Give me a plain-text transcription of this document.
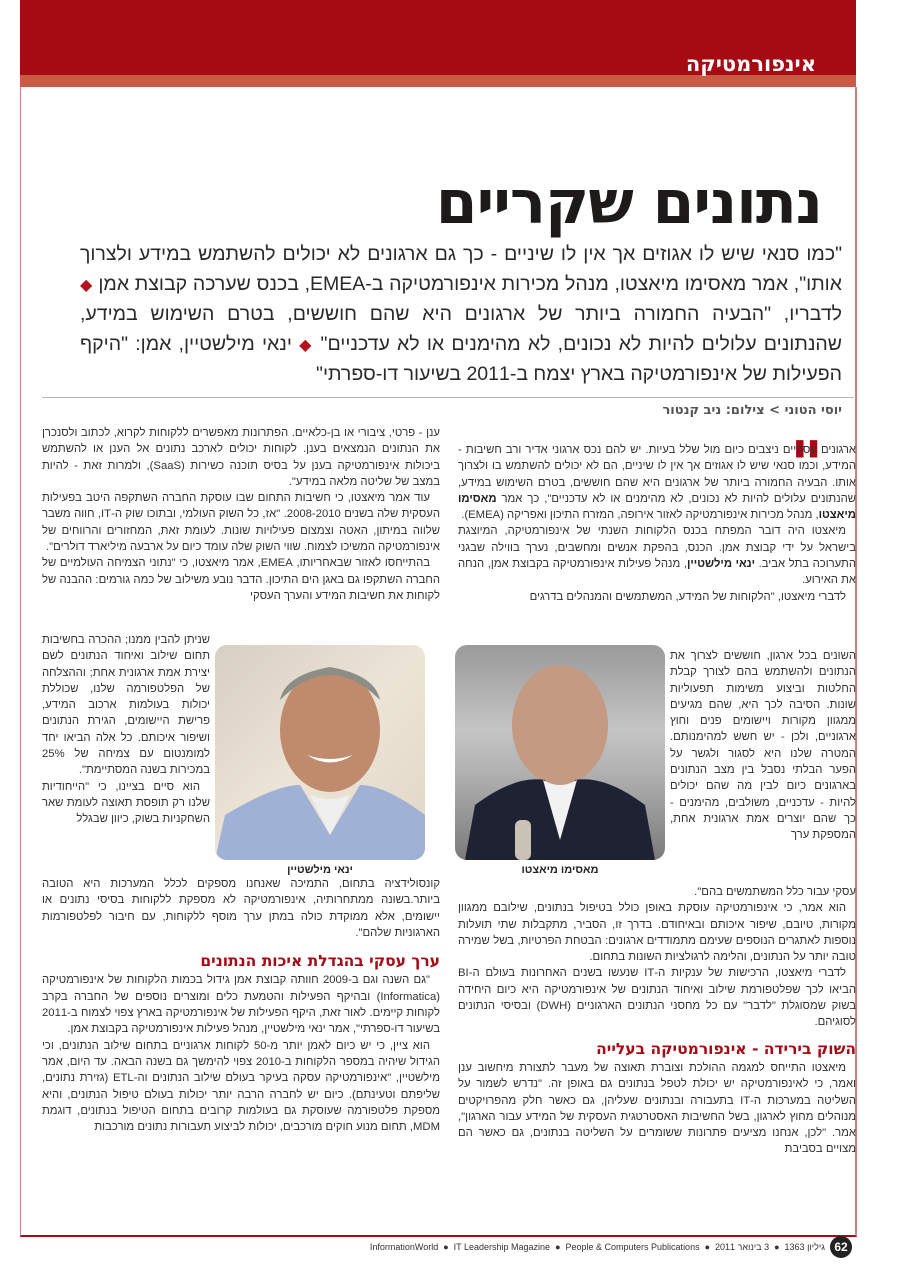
אינפורמטיקה
נתונים שקריים
"כמו סנאי שיש לו אגוזים אך אין לו שיניים - כך גם ארגונים לא יכולים להשתמש במידע ולצרוך אותו", אמר מאסימו מיאצטו, מנהל מכירות אינפורמטיקה ב-EMEA, בכנס שערכה קבוצת אמן ◆ לדבריו, "הבעיה החמורה ביותר של ארגונים היא שהם חוששים, בטרם השימוש במידע, שהנתונים עלולים להיות לא נכונים, לא מהימנים או לא עדכניים" ◆ ינאי מילשטיין, אמן: "היקף הפעילות של אינפורמטיקה בארץ יצמח ב-2011 בשיעור דו-ספרתי"
יוסי הטוני > צילום: ניב קנטור
"

ארגונים עסקיים ניצבים כיום מול שלל בעיות. יש להם נכס ארגוני אדיר ורב חשיבות - המידע, וכמו סנאי שיש לו אגוזים אך אין לו שיניים, הם לא יכולים להשתמש בו ולצרוך אותו. הבעיה החמורה ביותר של ארגונים היא שהם חוששים, בטרם השימוש במידע, שהנתונים עלולים להיות לא נכונים, לא מהימנים או לא עדכניים", כך אמר מאסימו מיאצטו, מנהל מכירות אינפורמטיקה לאזור אירופה, המזרח התיכון ואפריקה (EMEA).

מיאצטו היה דובר המפתח בכנס הלקוחות השנתי של אינפורמטיקה, המיוצגת בישראל על ידי קבוצת אמן. הכנס, בהפקת אנשים ומחשבים, נערך בווילה שבגני התערוכה בתל אביב. ינאי מילשטיין, מנהל פעילות אינפורמטיקה בקבוצת אמן, הנחה את האירוע.

לדברי מיאצטו, "הלקוחות של המידע, המשתמשים והמנהלים בדרגים

מאסימו מיאצטו
השונים בכל ארגון, חוששים לצרוך את הנתונים ולהשתמש בהם לצורך קבלת החלטות וביצוע משימות תפעוליות שונות. הסיבה לכך היא, שהם מגיעים ממגוון מקורות ויישומים פנים וחוץ ארגוניים, ולכן - יש חשש למהימנותם. המטרה שלנו היא לסגור ולגשר על הפער הבלתי נסבל בין מצב הנתונים בארגונים כיום לבין מה שהם יכולים להיות - עדכניים, משולבים, מהימנים - כך שהם יוצרים אמת ארגונית אחת, המספקת ערך

עסקי עבור כלל המשתמשים בהם".

הוא אמר, כי אינפורמטיקה עוסקת באופן כולל בטיפול בנתונים, שילובם ממגוון מקורות, טיובם, שיפור איכותם ובאיחודם. בדרך זו, הסביר, מתקבלות שתי תועלות נוספות לאתגרים הנוספים שעימם מתמודדים ארגונים: הבטחת הפרטיות, בשל שמירה טובה יותר על הנתונים, והלימה לרגולציות השונות בתחום.

לדברי מיאצטו, הרכישות של ענקיות ה-IT שנעשו בשנים האחרונות בעולם ה-BI הביאו לכך שפלטפורמת שילוב ואיחוד הנתונים של אינפורמטיקה היא כיום היחידה בשוק שמסוגלת "לדבר" עם כל מחסני הנתונים הארגוניים (DWH) ובסיסי הנתונים לסוגיהם.

השוק בירידה - אינפורמטיקה בעלייה

מיאצטו התייחס למגמה ההולכת וצוברת תאוצה של מעבר לתצורת מיחשוב ענן ואמר, כי לאינפורמטיקה יש יכולת לטפל בנתונים גם באופן זה. "נדרש לשמור על השליטה במערכות ה-IT בתעבורה ובנתונים שעליהן, גם כאשר חלק מהפרויקטים מנוהלים מחוץ לארגון, בשל החשיבות האסטרטגית העסקית של המידע עבור הארגון", אמר. "לכן, אנחנו מציעים פתרונות ששומרים על השליטה בנתונים, גם כאשר הם מצויים בסביבת

ענן - פרטי, ציבורי או בן-כלאיים. הפתרונות מאפשרים ללקוחות לקרוא, לכתוב ולסנכרן את הנתונים הנמצאים בענן. לקוחות יכולים לארכב נתונים אל הענן או להשתמש ביכולות אינפורמטיקה בענן על בסיס תוכנה כשירות (SaaS), ולמרות זאת - להיות במצב של שליטה מלאה במידע".

עוד אמר מיאצטו, כי חשיבות התחום שבו עוסקת החברה השתקפה היטב בפעילות העסקית שלה בשנים 2008-2010. "אז, כל השוק העולמי, ובתוכו שוק ה-IT, חווה משבר שלווה במיתון, האטה וצמצום פעילויות שונות. לעומת זאת, המחזורים והרווחים של אינפורמטיקה המשיכו לצמוח. שווי השוק שלה עומד כיום על ארבעה מיליארד דולרים".

בהתייחסו לאזור שבאחריותו, EMEA, אמר מיאצטו, כי "נתוני הצמיחה העולמיים של החברה השתקפו גם באגן הים התיכון. הדבר נובע משילוב של כמה גורמים: ההבנה של לקוחות את חשיבות המידע והערך העסקי

ינאי מילשטיין

שניתן להבין ממנו; ההכרה בחשיבות תחום שילוב ואיחוד הנתונים לשם יצירת אמת ארגונית אחת; וההצלחה של הפלטפורמה שלנו, שכוללת יכולות בעולמות ארכוב המידע, פרישת היישומים, הגירת הנתונים ושיפור איכותם. כל אלה הביאו יחד למומנטום עם צמיחה של 25% במכירות בשנה המסתיימת".

הוא סיים בציינו, כי "הייחודיות שלנו רק תופסת תאוצה לעומת שאר השחקניות בשוק, כיוון שבגלל

קונסולידציה בתחום, התמיכה שאנחנו מספקים לכלל המערכות היא הטובה ביותר.בשונה ממתחרותיה, אינפורמטיקה לא מספקת ללקוחות בסיסי נתונים או יישומים, אלא ממוקדת כולה במתן ערך מוסף ללקוחות, עם חיבור לפלטפורמות הארגוניות שלהם".

ערך עסקי בהגדלת איכות הנתונים

"גם השנה וגם ב-2009 חוותה קבוצת אמן גידול בכמות הלקוחות של אינפורמטיקה (Informatica) ובהיקף הפעילות והטמעת כלים ומוצרים נוספים של החברה בקרב לקוחות קיימים. לאור זאת, היקף הפעילות של אינפורמטיקה בארץ צפוי לצמוח ב-2011 בשיעור דו-ספרתי", אמר ינאי מילשטיין, מנהל פעילות אינפורמטיקה בקבוצת אמן.

הוא ציין, כי יש כיום לאמן יותר מ-50 לקוחות ארגוניים בתחום שילוב הנתונים, וכי הגידול שיהיה במספר הלקוחות ב-2010 צפוי להימשך גם בשנה הבאה. עד היום, אמר מילשטיין, "אינפורמטיקה עסקה בעיקר בעולם שילוב הנתונים וה-ETL (גזירת נתונים, שליפתם וטעינתם). כיום יש לחברה הרבה יותר יכולות בעולם טיפול הנתונים, והיא מספקת פלטפורמה שעוסקת גם בעולמות קרובים בתחום הטיפול בנתונים, דוגמת MDM, תחום מנוע חוקים מורכבים, יכולות לביצוע תעבורות נתונים מורכבות

InformationWorld ● IT Leadership Magazine ● People & Computers Publications ● 3 בינואר 2011 ● גיליון 1363 62
